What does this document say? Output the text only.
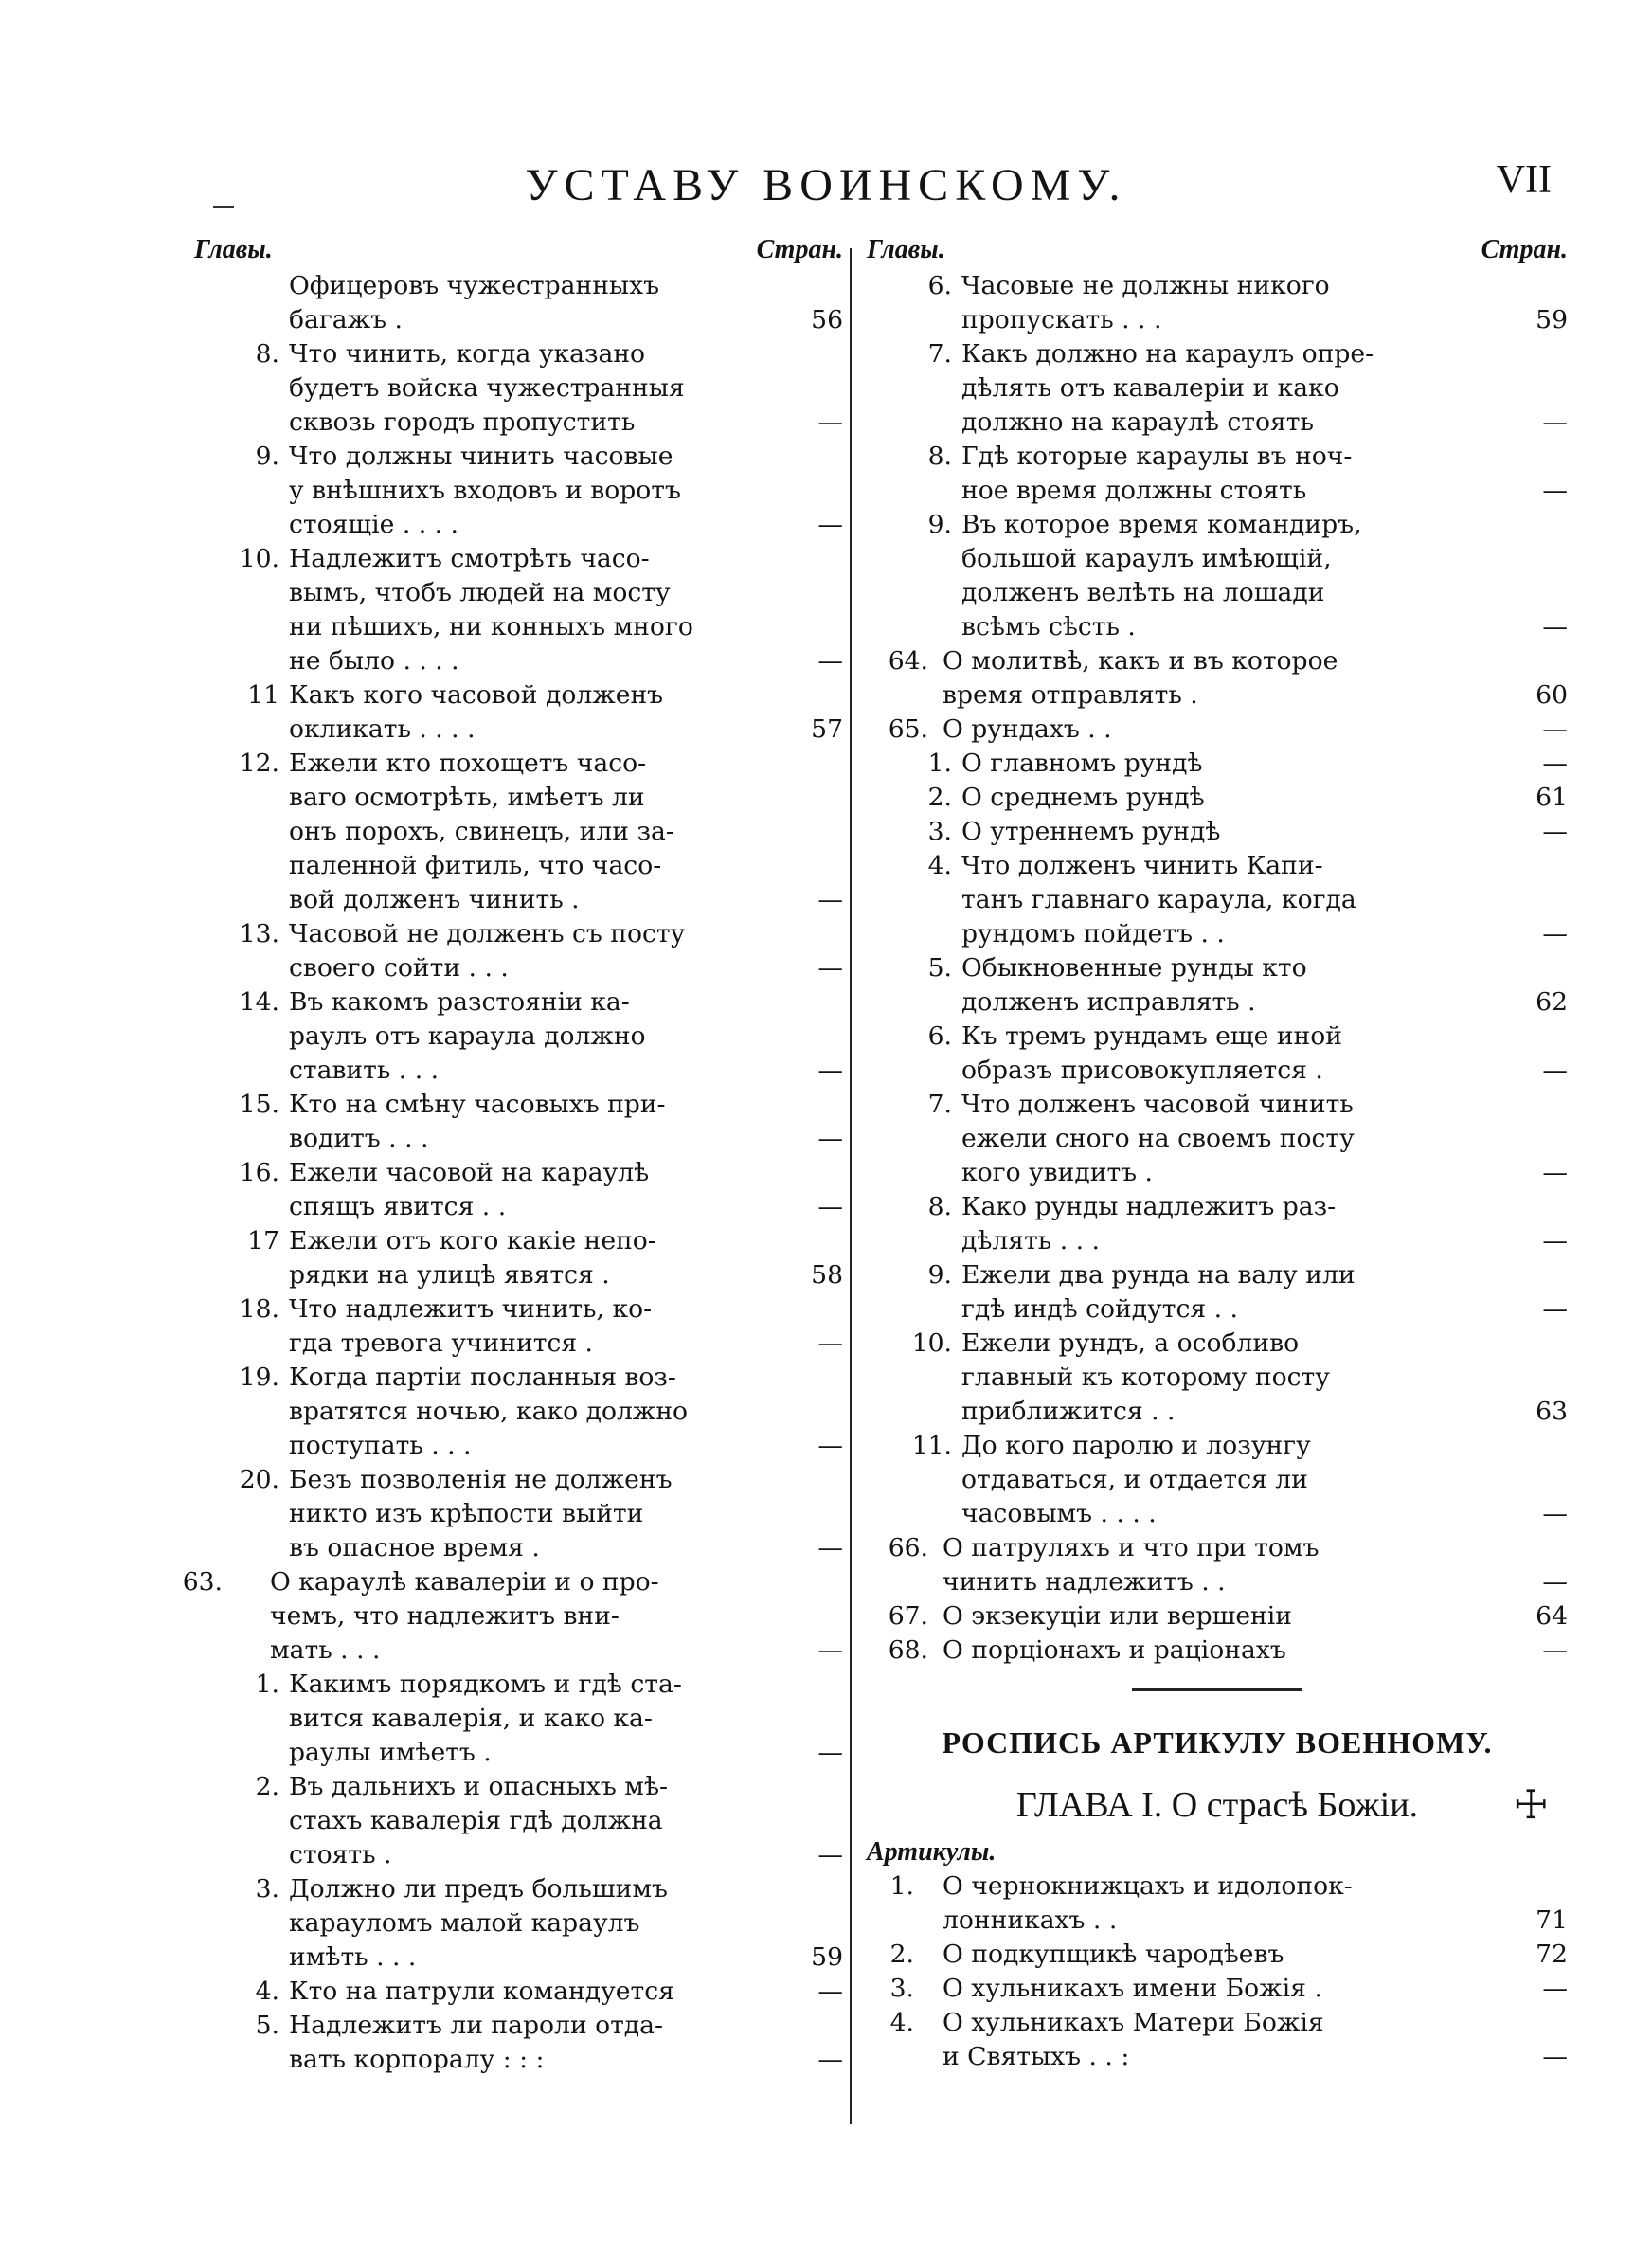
УСТАВУ ВОИНСКОМУ.	VII
Главы.	Стран. Главы.	Стран.
Офицеровъ чужестранныхъ
багажъ .	56
8. Что чинить, когда указано
будетъ войска чужестранныя
сквозь городъ пропустить	—
9. Что должны чинить часовые
у внѣшнихъ входовъ и воротъ
стоящіе . . . .	—
10. Надлежитъ смотрѣть часо-
вымъ, чтобъ людей на мосту
ни пѣшихъ, ни конныхъ много
не было . . . .	—
11 Какъ кого часовой долженъ
окликать . . . .	57
12. Ежели кто похощетъ часо-
ваго осмотрѣть, имѣетъ ли
онъ порохъ, свинецъ, или за-
паленной фитиль, что часо-
вой долженъ чинить .	—
13. Часовой не долженъ съ посту
своего сойти . . .	—
14. Въ какомъ разстояніи ка-
раулъ отъ караула должно
ставить . . .	—
15. Кто на смѣну часовыхъ при-
водитъ . . .	—
16. Ежели часовой на караулѣ
спящъ явится . .	—
17 Ежели отъ кого какіе непо-
рядки на улицѣ явятся .	58
18. Что надлежитъ чинить, ко-
гда тревога учинится .	—
19. Когда партіи посланныя воз-
вратятся ночью, како должно
поступать . . .	—
20. Безъ позволенія не долженъ
никто изъ крѣпости выйти
въ опасное время .	—
63. О караулѣ кавалеріи и о про-
чемъ, что надлежитъ вни-
мать . . .	—
1. Какимъ порядкомъ и гдѣ ста-
вится кавалерія, и како ка-
раулы имѣетъ .	—
2. Въ дальнихъ и опасныхъ мѣ-
стахъ кавалерія гдѣ должна
стоять .	—
3. Должно ли предъ большимъ
карауломъ малой караулъ
имѣть . . .	59
4. Кто на патрули командуется	—
5. Надлежитъ ли пароли отда-
вать корпоралу : : :	—
6. Часовые не должны никого
пропускать . . .	59
7. Какъ должно на караулъ опре-
дѣлять отъ кавалеріи и како
должно на караулѣ стоять	—
8. Гдѣ которые караулы въ ноч-
ное время должны стоять	—
9. Въ которое время командиръ,
большой караулъ имѣющій,
долженъ велѣть на лошади
всѣмъ сѣсть .	—
64. О молитвѣ, какъ и въ которое
время отправлять .	60
65. О рундахъ . .	—
1. О главномъ рундѣ	—
2. О среднемъ рундѣ	61
3. О утреннемъ рундѣ	—
4. Что долженъ чинить Капи-
танъ главнаго караула, когда
рундомъ пойдетъ . .	—
5. Обыкновенные рунды кто
долженъ исправлять .	62
6. Къ тремъ рундамъ еще иной
образъ присовокупляется .	—
7. Что долженъ часовой чинить
ежели сного на своемъ посту
кого увидитъ .	—
8. Како рунды надлежитъ раз-
дѣлять . . .	—
9. Ежели два рунда на валу или
гдѣ индѣ сойдутся . .	—
10. Ежели рундъ, а особливо
главный къ которому посту
приближится . .	63
11. До кого паролю и лозунгу
отдаваться, и отдается ли
часовымъ . . . .	—
66. О патруляхъ и что при томъ
чинить надлежитъ . .	—
67. О экзекуціи или вершеніи	64
68. О порціонахъ и раціонахъ	—
РОСПИСЬ АРТИКУЛУ ВОЕННОМУ.
ГЛАВА I. О страсѣ Божіи. ☩
Артикулы.
1. О чернокнижцахъ и идолопок-
лонникахъ . .	71
2. О подкупщикѣ чародѣевъ	72
3. О хульникахъ имени Божія .	—
4. О хульникахъ Матери Божія
и Святыхъ . . :	—
